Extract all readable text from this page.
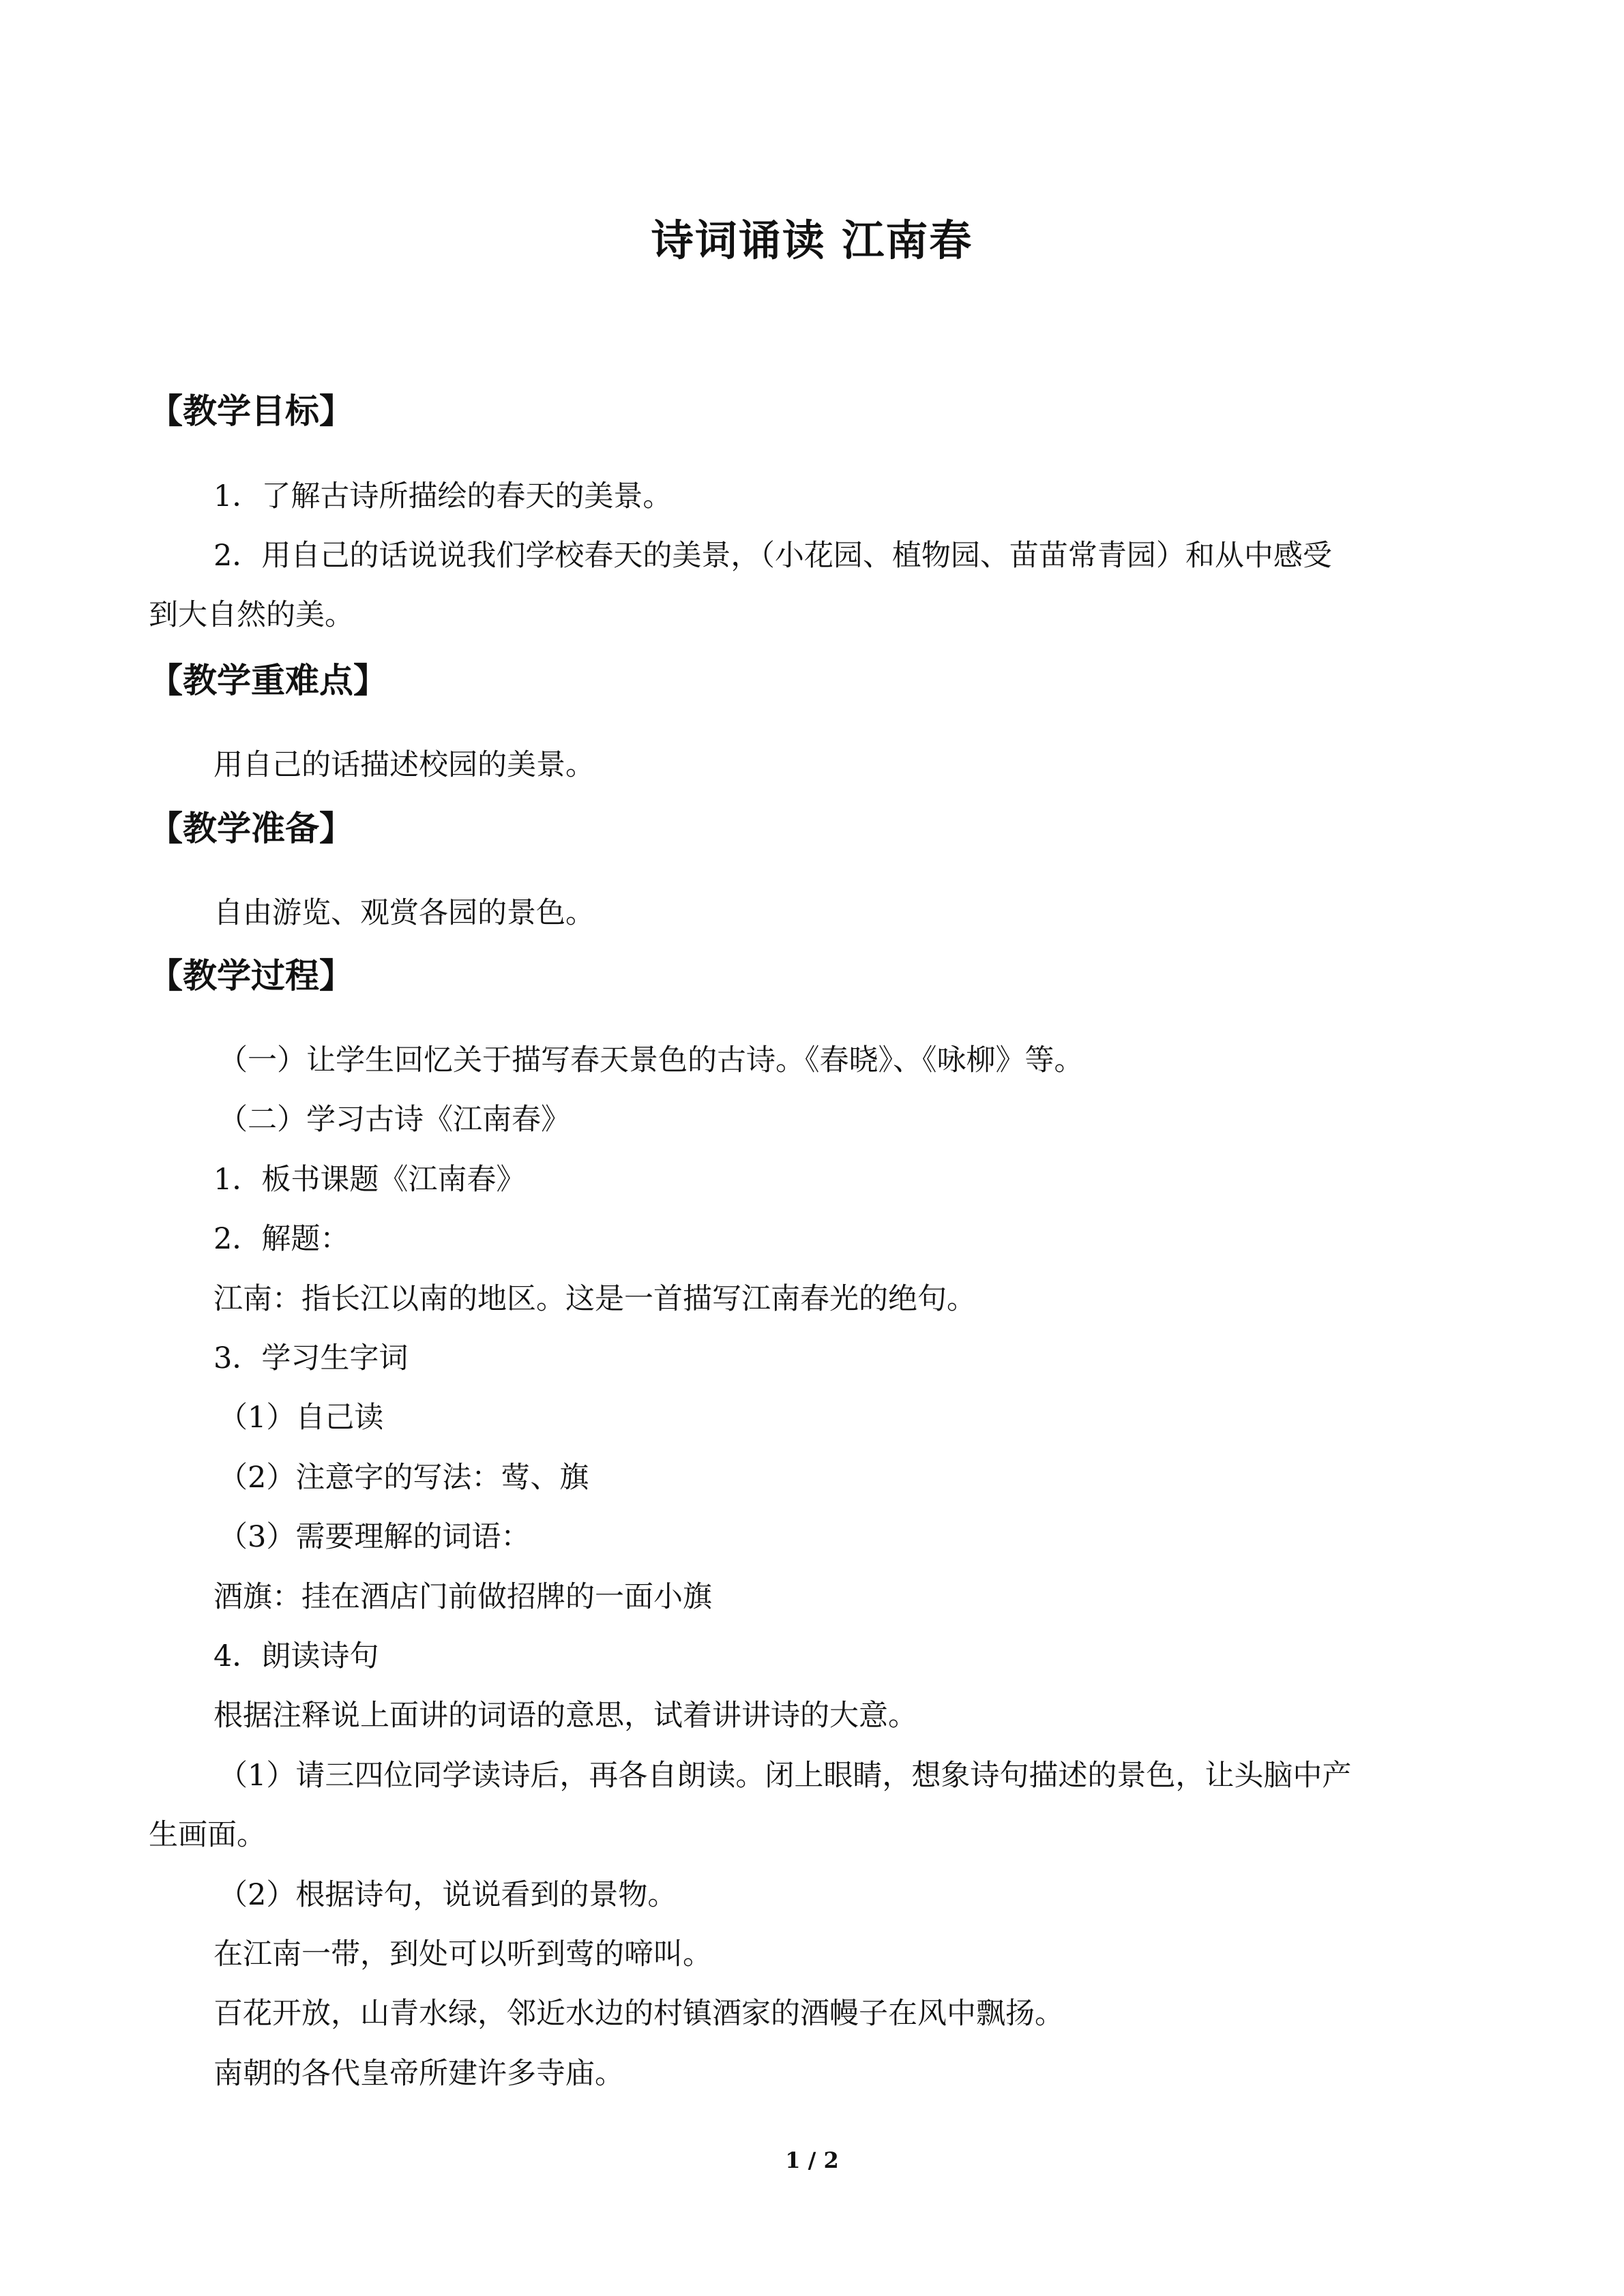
诗词诵读 江南春
【教学目标】
1．了解古诗所描绘的春天的美景。
2．用自己的话说说我们学校春天的美景，（小花园、植物园、苗苗常青园）和从中感受
到大自然的美。
【教学重难点】
用自己的话描述校园的美景。
【教学准备】
自由游览、观赏各园的景色。
【教学过程】
（一）让学生回忆关于描写春天景色的古诗。《春晓》、《咏柳》等。
（二）学习古诗《江南春》
1．板书课题《江南春》
2．解题：
江南：指长江以南的地区。这是一首描写江南春光的绝句。
3．学习生字词
（1）自己读
（2）注意字的写法：莺、旗
（3）需要理解的词语：
酒旗：挂在酒店门前做招牌的一面小旗
4．朗读诗句
根据注释说上面讲的词语的意思，试着讲讲诗的大意。
（1）请三四位同学读诗后，再各自朗读。闭上眼睛，想象诗句描述的景色，让头脑中产
生画面。
（2）根据诗句，说说看到的景物。
在江南一带，到处可以听到莺的啼叫。
百花开放，山青水绿，邻近水边的村镇酒家的酒幔子在风中飘扬。
南朝的各代皇帝所建许多寺庙。
1 / 2
